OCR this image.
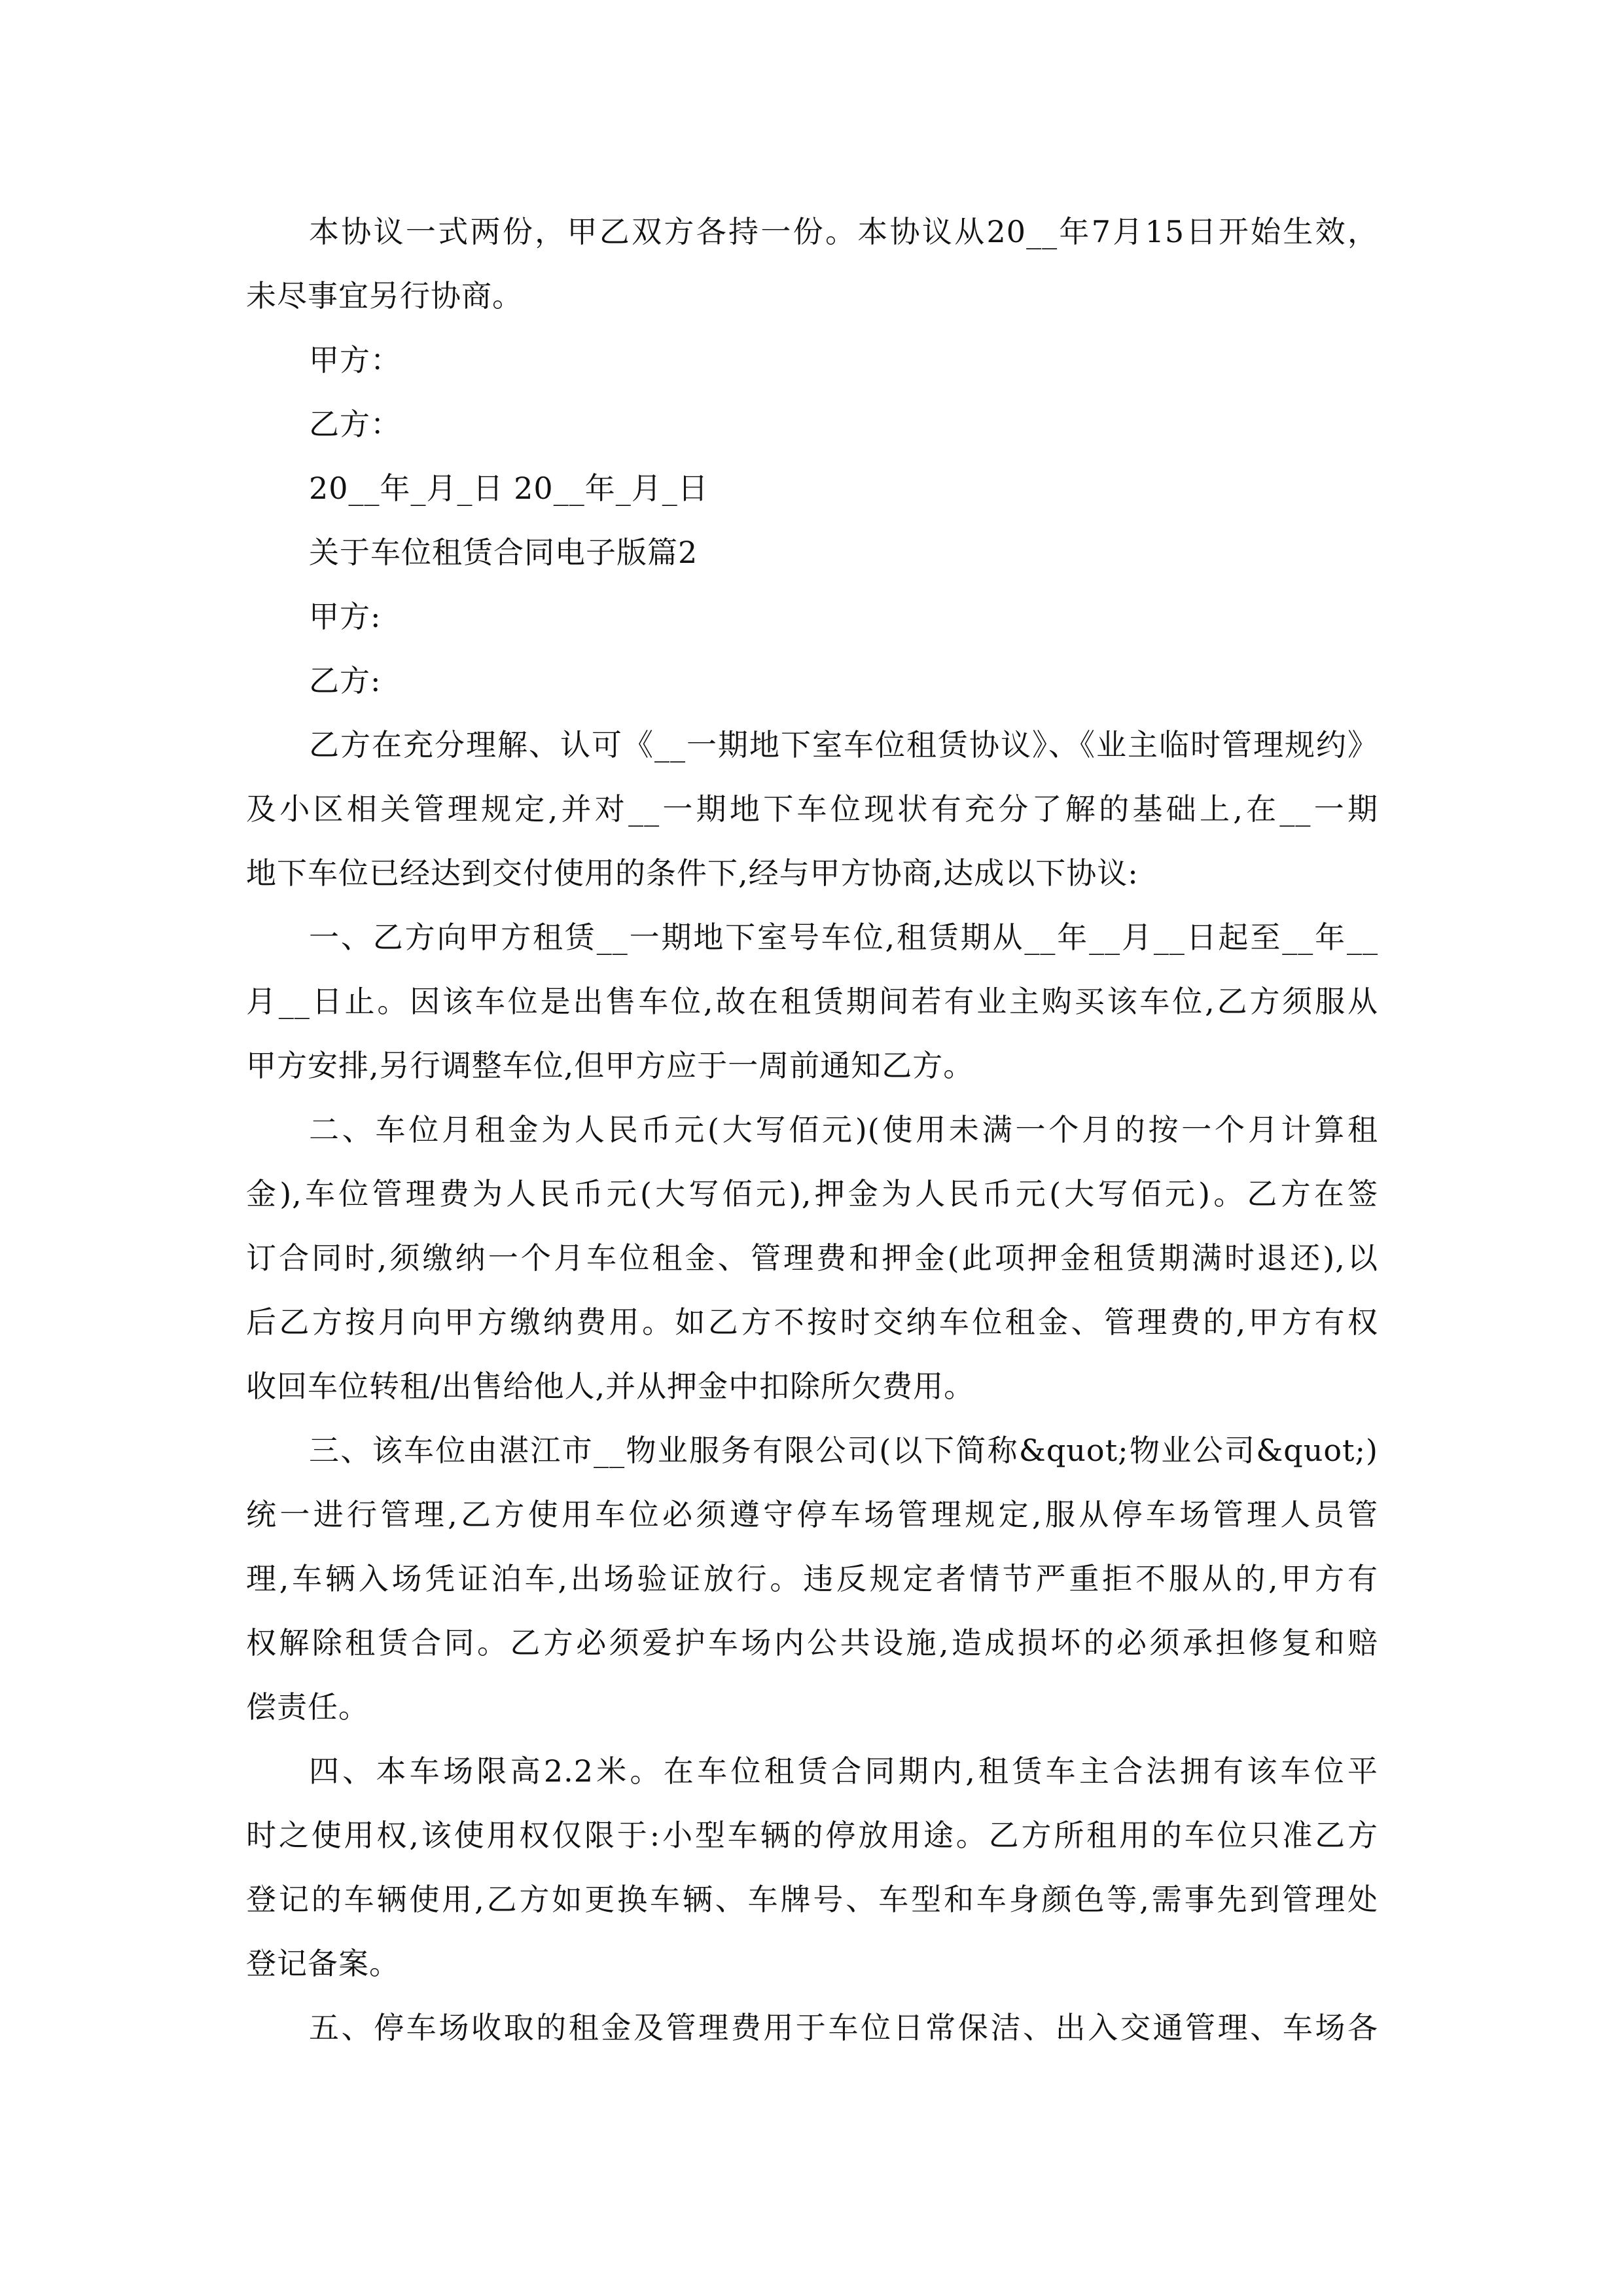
本协议一式两份，甲乙双方各持一份。本协议从20__年7月15日开始生效，
未尽事宜另行协商。
甲方：
乙方：
20__年_月_日 20__年_月_日
关于车位租赁合同电子版篇2
甲方:
乙方:
乙方在充分理解、认可《__一期地下室车位租赁协议》、《业主临时管理规约》
及小区相关管理规定,并对__一期地下车位现状有充分了解的基础上,在__一期
地下车位已经达到交付使用的条件下,经与甲方协商,达成以下协议:
一、乙方向甲方租赁__一期地下室号车位,租赁期从__年__月__日起至__年__
月__日止。因该车位是出售车位,故在租赁期间若有业主购买该车位,乙方须服从
甲方安排,另行调整车位,但甲方应于一周前通知乙方。
二、车位月租金为人民币元(大写佰元)(使用未满一个月的按一个月计算租
金),车位管理费为人民币元(大写佰元),押金为人民币元(大写佰元)。乙方在签
订合同时,须缴纳一个月车位租金、管理费和押金(此项押金租赁期满时退还),以
后乙方按月向甲方缴纳费用。如乙方不按时交纳车位租金、管理费的,甲方有权
收回车位转租/出售给他人,并从押金中扣除所欠费用。
三、该车位由湛江市__物业服务有限公司(以下简称&quot;物业公司&quot;)
统一进行管理,乙方使用车位必须遵守停车场管理规定,服从停车场管理人员管
理,车辆入场凭证泊车,出场验证放行。违反规定者情节严重拒不服从的,甲方有
权解除租赁合同。乙方必须爱护车场内公共设施,造成损坏的必须承担修复和赔
偿责任。
四、本车场限高2.2米。在车位租赁合同期内,租赁车主合法拥有该车位平
时之使用权,该使用权仅限于:小型车辆的停放用途。乙方所租用的车位只准乙方
登记的车辆使用,乙方如更换车辆、车牌号、车型和车身颜色等,需事先到管理处
登记备案。
五、停车场收取的租金及管理费用于车位日常保洁、出入交通管理、车场各
